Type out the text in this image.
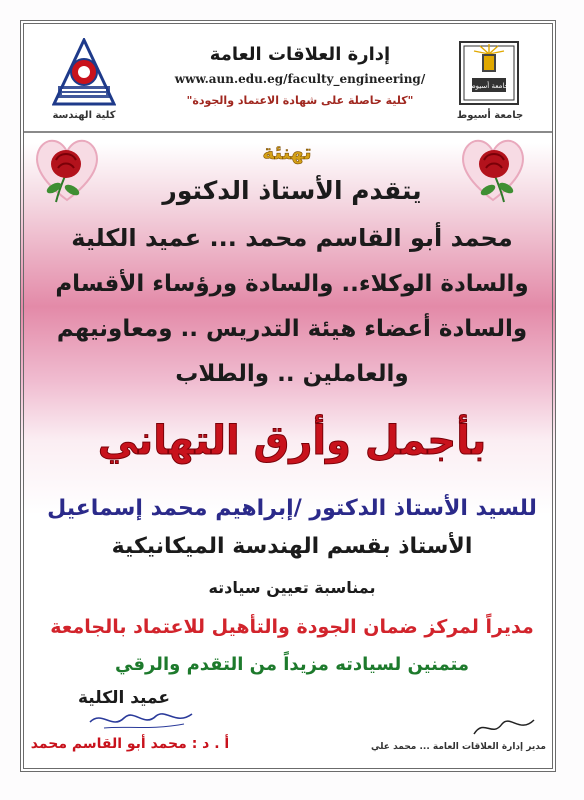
جامعة أسيوط
جامعة أسيوط
كلية الهندسة
إدارة العلاقات العامة
www.aun.edu.eg/faculty_engineering/
"كلية حاصلة على شهادة الاعتماد والجودة"
تهنئة
يتقدم الأستاذ الدكتور
محمد أبو القاسم محمد ... عميد الكلية
والسادة الوكلاء.. والسادة ورؤساء الأقسام
والسادة أعضاء هيئة التدريس .. ومعاونيهم
والعاملين .. والطلاب
بأجمل وأرق التهاني
للسيد الأستاذ الدكتور /إبراهيم محمد إسماعيل
الأستاذ بقسم الهندسة الميكانيكية
بمناسبة تعيين سيادته
مديراً لمركز ضمان الجودة والتأهيل للاعتماد بالجامعة
متمنين لسيادته مزيداً من التقدم والرقي
عميد الكلية
أ . د : محمد أبو القاسم محمد	مدير إدارة العلاقات العامة ... محمد علي
